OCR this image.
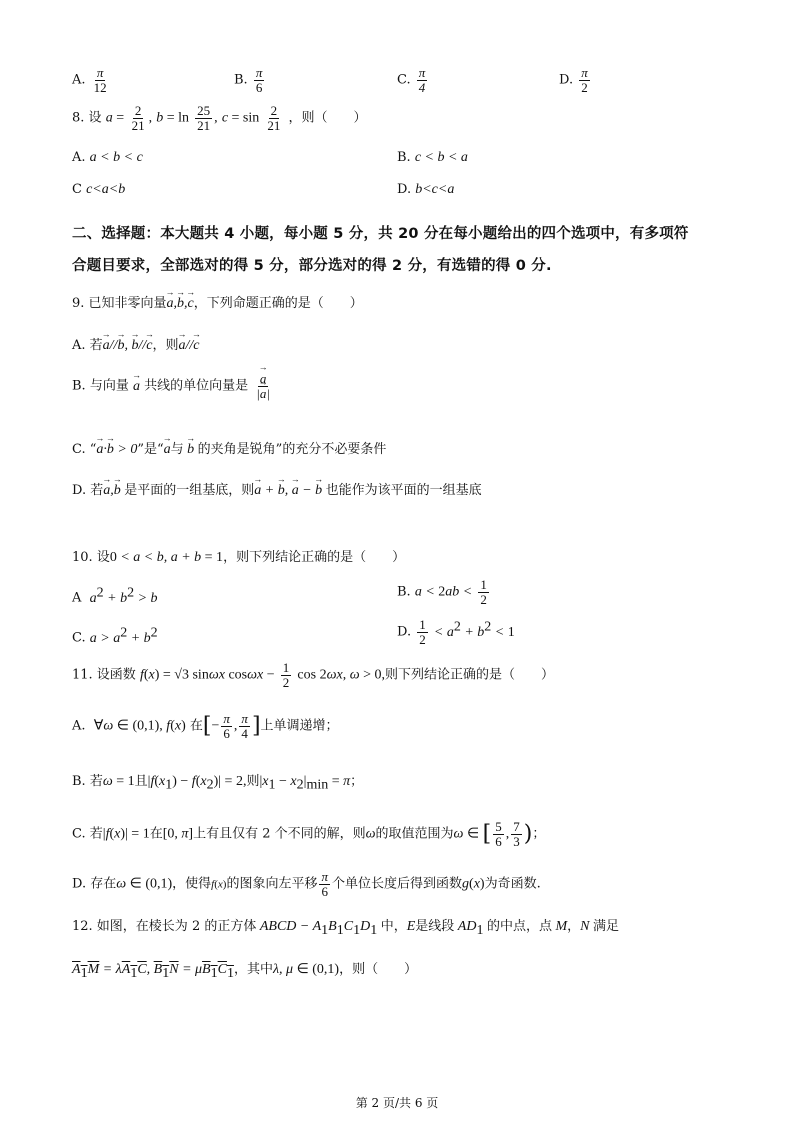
A. $\frac{\pi}{12}$	B. $\frac{\pi}{6}$	C. $\frac{\pi}{4}$	D. $\frac{\pi}{2}$
8. 设 $a = \frac{2}{21}$ , $b = \ln \frac{25}{21}$ , $c = \sin \frac{2}{21}$ ，则（　　）
A. a < b < c	B. c < b < a
C c<a<b	D. b<c<a
二、选择题：本大题共 4 小题，每小题 5 分，共 20 分在每小题给出的四个选项中，有多项符
合题目要求，全部选对的得 5 分，部分选对的得 2 分，有选错的得 0 分.
9. 已知非零向量→ a,→ b,→ c，下列命题正确的是（　　）
A. 若→ a//→ b, → b//→ c，则→ a//→ c
B. 与向量 → a 共线的单位向量是 → $\frac{a}{|\to a|}$
C. “→ a·→ b > 0”是“→ a与 → b 的夹角是锐角”的充分不必要条件
D. 若→ a,→ b 是平面的一组基底，则→ a + → b, → a − → b 也能作为该平面的一组基底
10. 设0 < a < b, a + b = 1，则下列结论正确的是（　　）
A $a^2 + b^2 > b$	B. $a < 2ab < \frac{1}{2}$
C. $a > a^2 + b^2$	D. $\frac{1}{2} < a^2 + b^2 < 1$
11. 设函数 f(x) = √3 sinωx $\cos\omega x - \frac{1}{2}$ cos 2ωx, ω > 0,则下列结论正确的是（　　）
A. ∀ω ∈ (0,1), f(x) 在[− $\frac{\pi}{6}$ , $\frac{\pi}{4}$ ]上单调递增；
B. 若ω = 1且$|f(x_1) - f(x_2)| = 2$,则$|x_1 - x_2|_{min} = \pi$；
C. 若|f(x)| = 1在[0, π]上有且仅有 2 个不同的解，则ω的取值范围为ω ∈ [ $\frac{5}{6}$ , $\frac{7}{3}$ )；
D. 存在ω ∈ (0,1)，使得f(x)的图象向左平移 $\frac{\pi}{6}$ 个单位长度后得到函数g(x)为奇函数.
12. 如图，在棱长为 2 的正方体 ABCD − $A_1B_1C_1D_1$ 中，E是线段 $AD_1$ 的中点，点 M，N 满足
$A_1M = \lambda A_1C$, $B_1N = \mu B_1C_1$，其中λ, μ ∈ (0,1)，则（　　）
第 2 页/共 6 页
